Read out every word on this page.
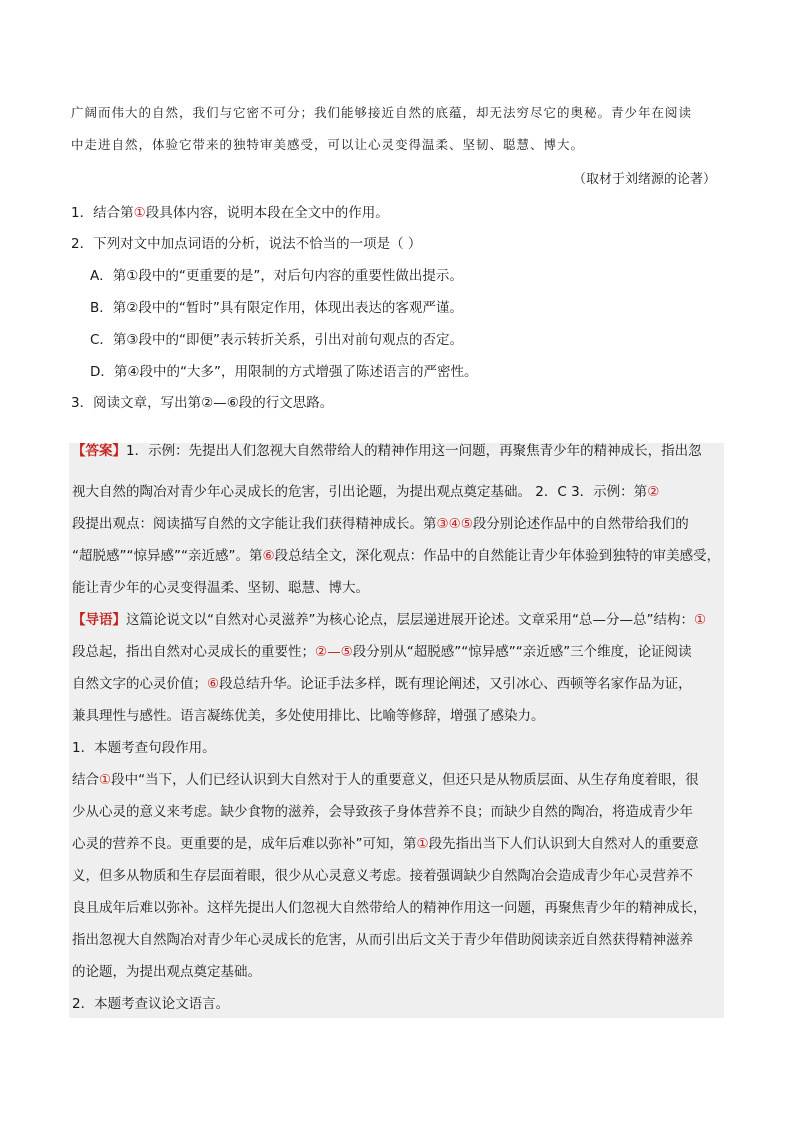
广阔而伟大的自然，我们与它密不可分；我们能够接近自然的底蕴，却无法穷尽它的奥秘。青少年在阅读
中走进自然，体验它带来的独特审美感受，可以让心灵变得温柔、坚韧、聪慧、博大。
（取材于刘绪源的论著）
1．结合第①段具体内容，说明本段在全文中的作用。
2．下列对文中加点词语的分析，说法不恰当的一项是（ ）
A．第①段中的“更重要的是”，对后句内容的重要性做出提示。
B．第②段中的“暂时”具有限定作用，体现出表达的客观严谨。
C．第③段中的“即便”表示转折关系，引出对前句观点的否定。
D．第④段中的“大多”，用限制的方式增强了陈述语言的严密性。
3．阅读文章，写出第②—⑥段的行文思路。
【答案】1．示例：先提出人们忽视大自然带给人的精神作用这一问题，再聚焦青少年的精神成长，指出忽
视大自然的陶冶对青少年心灵成长的危害，引出论题，为提出观点奠定基础。 2．C 3．示例：第②
段提出观点：阅读描写自然的文字能让我们获得精神成长。第③④⑤段分别论述作品中的自然带给我们的
“超脱感”“惊异感”“亲近感”。第⑥段总结全文，深化观点：作品中的自然能让青少年体验到独特的审美感受，
能让青少年的心灵变得温柔、坚韧、聪慧、博大。
【导语】这篇论说文以“自然对心灵滋养”为核心论点，层层递进展开论述。文章采用“总—分—总”结构：①
段总起，指出自然对心灵成长的重要性；②—⑤段分别从“超脱感”“惊异感”“亲近感”三个维度，论证阅读
自然文字的心灵价值；⑥段总结升华。论证手法多样，既有理论阐述，又引冰心、西顿等名家作品为证，
兼具理性与感性。语言凝练优美，多处使用排比、比喻等修辞，增强了感染力。
1．本题考查句段作用。
结合①段中“当下，人们已经认识到大自然对于人的重要意义，但还只是从物质层面、从生存角度着眼，很
少从心灵的意义来考虑。缺少食物的滋养，会导致孩子身体营养不良；而缺少自然的陶冶，将造成青少年
心灵的营养不良。更重要的是，成年后难以弥补”可知，第①段先指出当下人们认识到大自然对人的重要意
义，但多从物质和生存层面着眼，很少从心灵意义考虑。接着强调缺少自然陶冶会造成青少年心灵营养不
良且成年后难以弥补。这样先提出人们忽视大自然带给人的精神作用这一问题，再聚焦青少年的精神成长，
指出忽视大自然陶冶对青少年心灵成长的危害，从而引出后文关于青少年借助阅读亲近自然获得精神滋养
的论题，为提出观点奠定基础。
2．本题考查议论文语言。
